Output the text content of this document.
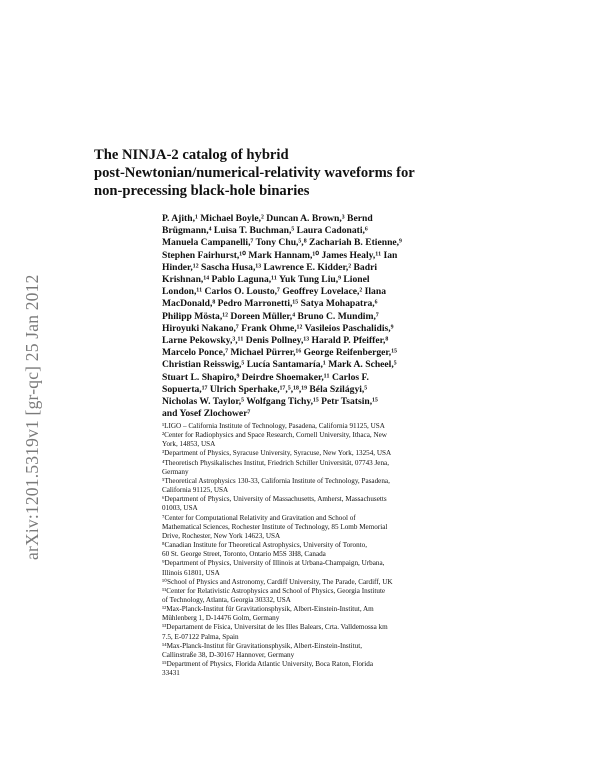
arXiv:1201.5319v1 [gr-qc] 25 Jan 2012
The NINJA-2 catalog of hybrid
post-Newtonian/numerical-relativity waveforms for
non-precessing black-hole binaries
P. Ajith,¹ Michael Boyle,² Duncan A. Brown,³ Bernd
Brügmann,⁴ Luisa T. Buchman,⁵ Laura Cadonati,⁶
Manuela Campanelli,⁷ Tony Chu,⁵,⁸ Zachariah B. Etienne,⁹
Stephen Fairhurst,¹⁰ Mark Hannam,¹⁰ James Healy,¹¹ Ian
Hinder,¹² Sascha Husa,¹³ Lawrence E. Kidder,² Badri
Krishnan,¹⁴ Pablo Laguna,¹¹ Yuk Tung Liu,⁹ Lionel
London,¹¹ Carlos O. Lousto,⁷ Geoffrey Lovelace,² Ilana
MacDonald,⁸ Pedro Marronetti,¹⁵ Satya Mohapatra,⁶
Philipp Mösta,¹² Doreen Müller,⁴ Bruno C. Mundim,⁷
Hiroyuki Nakano,⁷ Frank Ohme,¹² Vasileios Paschalidis,⁹
Larne Pekowsky,³,¹¹ Denis Pollney,¹³ Harald P. Pfeiffer,⁸
Marcelo Ponce,⁷ Michael Pürrer,¹⁶ George Reifenberger,¹⁵
Christian Reisswig,⁵ Lucía Santamaría,¹ Mark A. Scheel,⁵
Stuart L. Shapiro,⁹ Deirdre Shoemaker,¹¹ Carlos F.
Sopuerta,¹⁷ Ulrich Sperhake,¹⁷,⁵,¹⁸,¹⁹ Béla Szilágyi,⁵
Nicholas W. Taylor,⁵ Wolfgang Tichy,¹⁵ Petr Tsatsin,¹⁵
and Yosef Zlochower⁷
¹LIGO – California Institute of Technology, Pasadena, California 91125, USA
²Center for Radiophysics and Space Research, Cornell University, Ithaca, New
York, 14853, USA
³Department of Physics, Syracuse University, Syracuse, New York, 13254, USA
⁴Theoretisch Physikalisches Institut, Friedrich Schiller Universität, 07743 Jena,
Germany
⁵Theoretical Astrophysics 130-33, California Institute of Technology, Pasadena,
California 91125, USA
⁶Department of Physics, University of Massachusetts, Amherst, Massachusetts
01003, USA
⁷Center for Computational Relativity and Gravitation and School of
Mathematical Sciences, Rochester Institute of Technology, 85 Lomb Memorial
Drive, Rochester, New York 14623, USA
⁸Canadian Institute for Theoretical Astrophysics, University of Toronto,
60 St. George Street, Toronto, Ontario M5S 3H8, Canada
⁹Department of Physics, University of Illinois at Urbana-Champaign, Urbana,
Illinois 61801, USA
¹⁰School of Physics and Astronomy, Cardiff University, The Parade, Cardiff, UK
¹¹Center for Relativistic Astrophysics and School of Physics, Georgia Institute
of Technology, Atlanta, Georgia 30332, USA
¹²Max-Planck-Institut für Gravitationsphysik, Albert-Einstein-Institut, Am
Mühlenberg 1, D-14476 Golm, Germany
¹³Departament de Física, Universitat de les Illes Balears, Crta. Valldemossa km
7.5, E-07122 Palma, Spain
¹⁴Max-Planck-Institut für Gravitationsphysik, Albert-Einstein-Institut,
Callinstraße 38, D-30167 Hannover, Germany
¹⁵Department of Physics, Florida Atlantic University, Boca Raton, Florida
33431
